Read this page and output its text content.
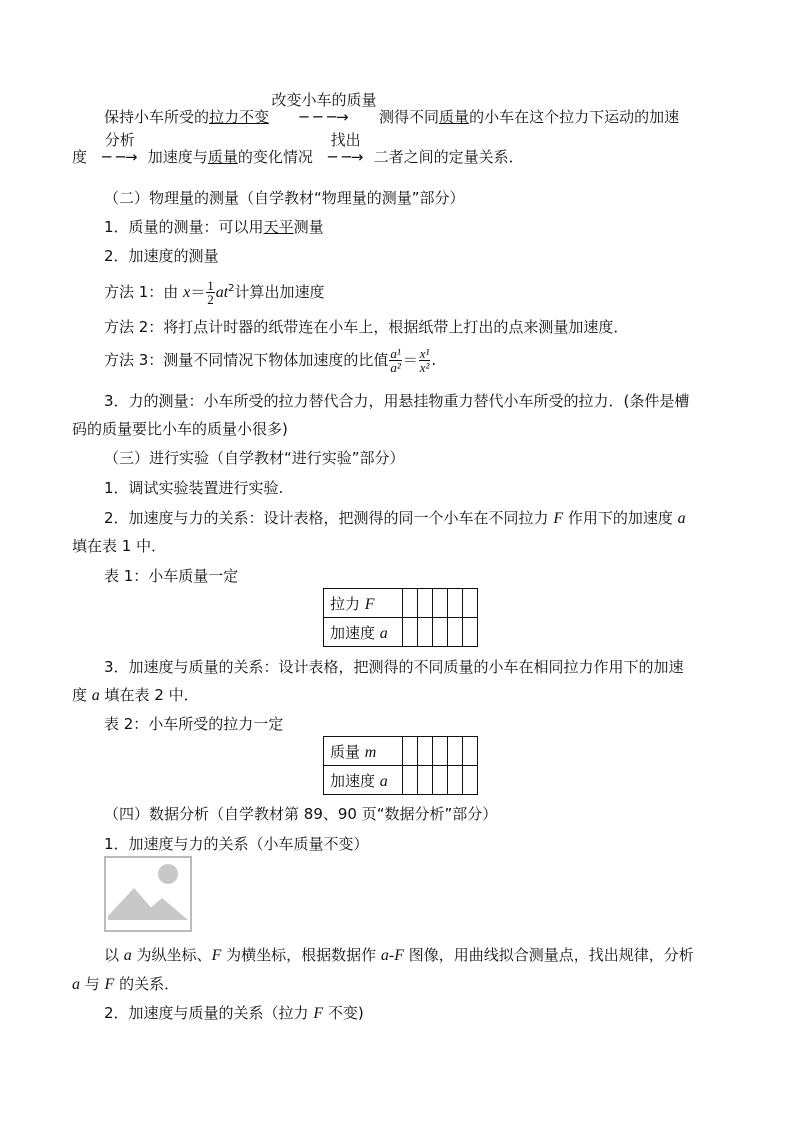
保持小车所受的拉力不变
改变小车的质量
─ ─ ─→ 测得不同质量的小车在这个拉力下运动的加速
度
分析
─ ─→ 加速度与质量的变化情况
找出
─ ─→ 二者之间的定量关系．
（二）物理量的测量（自学教材“物理量的测量”部分）
1．质量的测量：可以用天平测量
2．加速度的测量
方法 1：由 $x= \frac{1}{2} at^2$计算出加速度
方法 2：将打点计时器的纸带连在小车上，根据纸带上打出的点来测量加速度．
方法 3：测量不同情况下物体加速度的比值 $\frac{\text{a¹}}{\text{a²}} = \frac{\text{x¹}}{\text{x²}}$ .
3．力的测量：小车所受的拉力替代合力，用悬挂物重力替代小车所受的拉力．(条件是槽
码的质量要比小车的质量小很多)
（三）进行实验（自学教材“进行实验”部分）
1．调试实验装置进行实验.
2．加速度与力的关系：设计表格，把测得的同一个小车在不同拉力 F 作用下的加速度 a
填在表 1 中．
表 1：小车质量一定
拉力 F					
加速度 a					
3．加速度与质量的关系：设计表格，把测得的不同质量的小车在相同拉力作用下的加速
度 a 填在表 2 中．
表 2：小车所受的拉力一定
质量 m					
加速度 a					
（四）数据分析（自学教材第 89、90 页“数据分析”部分）
1．加速度与力的关系（小车质量不变）
以 a 为纵坐标、F 为横坐标，根据数据作 a-F 图像，用曲线拟合测量点，找出规律，分析
a 与 F 的关系．
2．加速度与质量的关系（拉力 F 不变)
